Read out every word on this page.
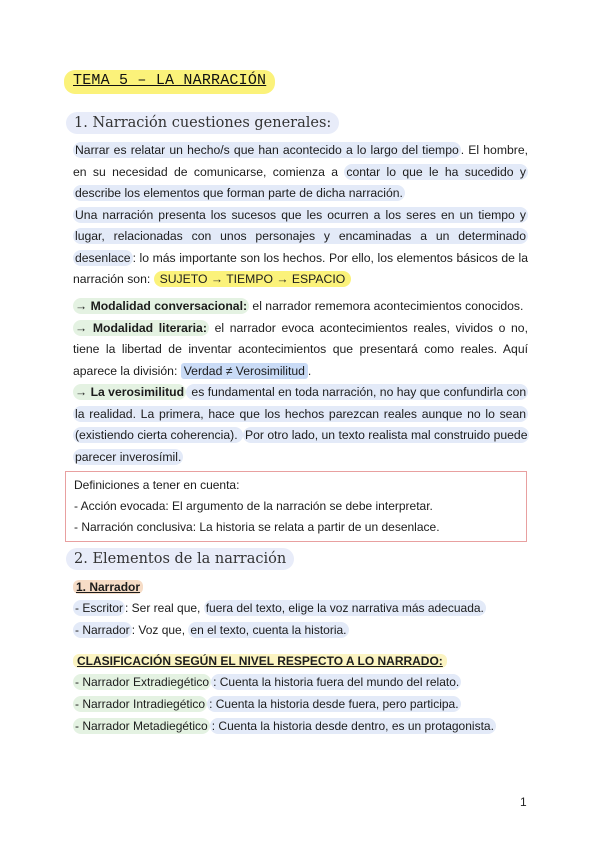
TEMA 5 – LA NARRACIÓN
1. Narración cuestiones generales:

Narrar es relatar un hecho/s que han acontecido a lo largo del tiempo . El hombre, en su necesidad de comunicarse, comienza a contar lo que le ha sucedido y describe los elementos que forman parte de dicha narración.

Una narración presenta los sucesos que les ocurren a los seres en un tiempo y lugar, relacionadas con unos personajes y encaminadas a un determinado desenlace : lo más importante son los hechos. Por ello, los elementos básicos de la narración son: SUJETO → TIEMPO → ESPACIO

→ Modalidad conversacional: el narrador rememora acontecimientos conocidos.

→ Modalidad literaria: el narrador evoca acontecimientos reales, vividos o no, tiene la libertad de inventar acontecimientos que presentará como reales. Aquí aparece la división: Verdad ≠ Verosimilitud .

→ La verosimilitud es fundamental en toda narración, no hay que confundirla con la realidad. La primera, hace que los hechos parezcan reales aunque no lo sean (existiendo cierta coherencia). Por otro lado, un texto realista mal construido puede parecer inverosímil.

Definiciones a tener en cuenta:
- Acción evocada: El argumento de la narración se debe interpretar.
- Narración conclusiva: La historia se relata a partir de un desenlace.
2. Elementos de la narración
1. Narrador
- Escritor : Ser real que, fuera del texto, elige la voz narrativa más adecuada.
- Narrador : Voz que, en el texto, cuenta la historia.
CLASIFICACIÓN SEGÚN EL NIVEL RESPECTO A LO NARRADO:
- Narrador Extradiegético : Cuenta la historia fuera del mundo del relato.
- Narrador Intradiegético : Cuenta la historia desde fuera, pero participa.
- Narrador Metadiegético : Cuenta la historia desde dentro, es un protagonista.
1
